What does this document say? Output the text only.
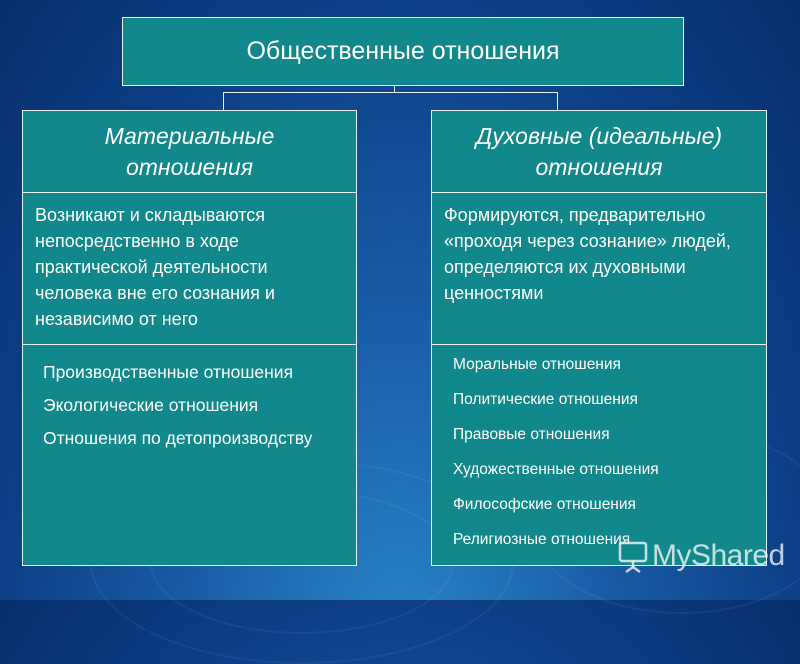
Общественные отношения
Материальные отношения
Возникают и складываются непосредственно в ходе практической деятельности человека вне его сознания и независимо от него
Производственные отношения
Экологические отношения
Отношения по детопроизводству
Духовные (идеальные) отношения
Формируются, предварительно «проходя через сознание» людей, определяются их духовными ценностями
Моральные отношения
Политические отношения
Правовые отношения
Художественные отношения
Философские отношения
Религиозные отношения MyShared
